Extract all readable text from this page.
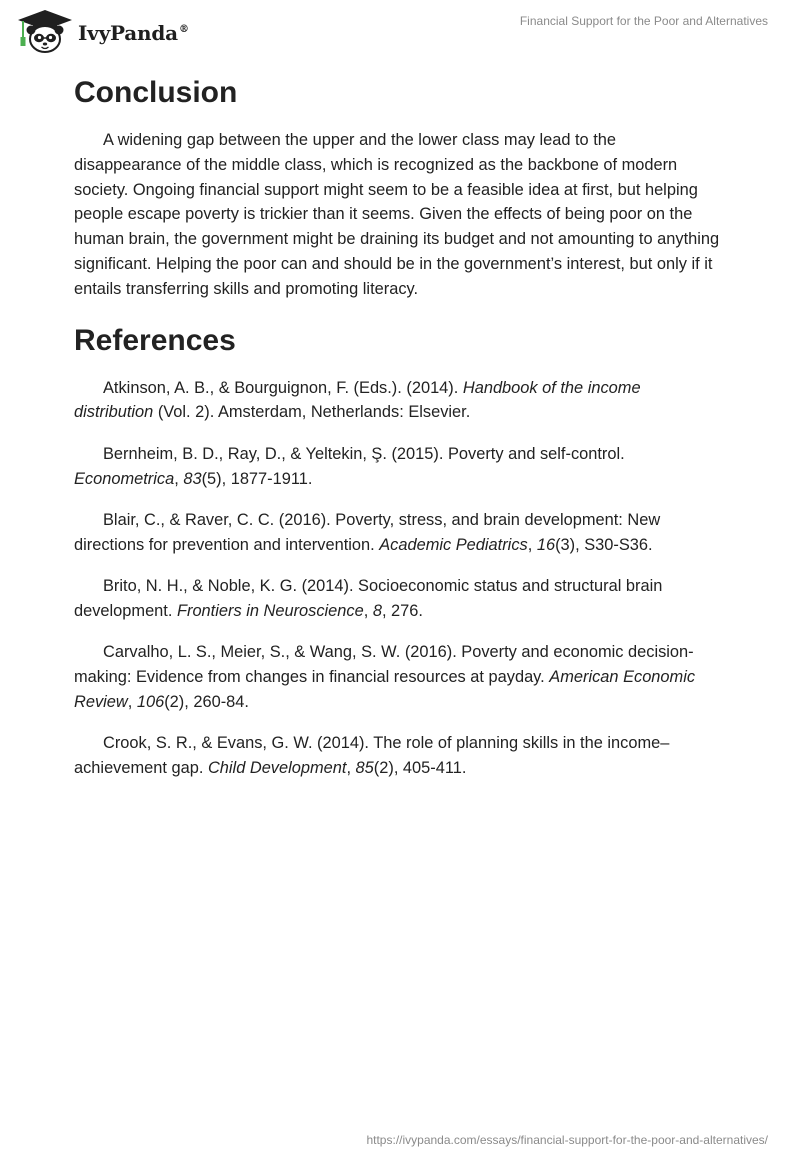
IvyPanda®
Financial Support for the Poor and Alternatives
Conclusion

A widening gap between the upper and the lower class may lead to the disappearance of the middle class, which is recognized as the backbone of modern society. Ongoing financial support might seem to be a feasible idea at first, but helping people escape poverty is trickier than it seems. Given the effects of being poor on the human brain, the government might be draining its budget and not amounting to anything significant. Helping the poor can and should be in the government’s interest, but only if it entails transferring skills and promoting literacy.

References

Atkinson, A. B., & Bourguignon, F. (Eds.). (2014). Handbook of the income distribution (Vol. 2). Amsterdam, Netherlands: Elsevier.

Bernheim, B. D., Ray, D., & Yeltekin, Ş. (2015). Poverty and self-control. Econometrica, 83(5), 1877-1911.

Blair, C., & Raver, C. C. (2016). Poverty, stress, and brain development: New directions for prevention and intervention. Academic Pediatrics, 16(3), S30-S36.

Brito, N. H., & Noble, K. G. (2014). Socioeconomic status and structural brain development. Frontiers in Neuroscience, 8, 276.

Carvalho, L. S., Meier, S., & Wang, S. W. (2016). Poverty and economic decision-making: Evidence from changes in financial resources at payday. American Economic Review, 106(2), 260-84.

Crook, S. R., & Evans, G. W. (2014). The role of planning skills in the income–achievement gap. Child Development, 85(2), 405-411.

https://ivypanda.com/essays/financial-support-for-the-poor-and-alternatives/
